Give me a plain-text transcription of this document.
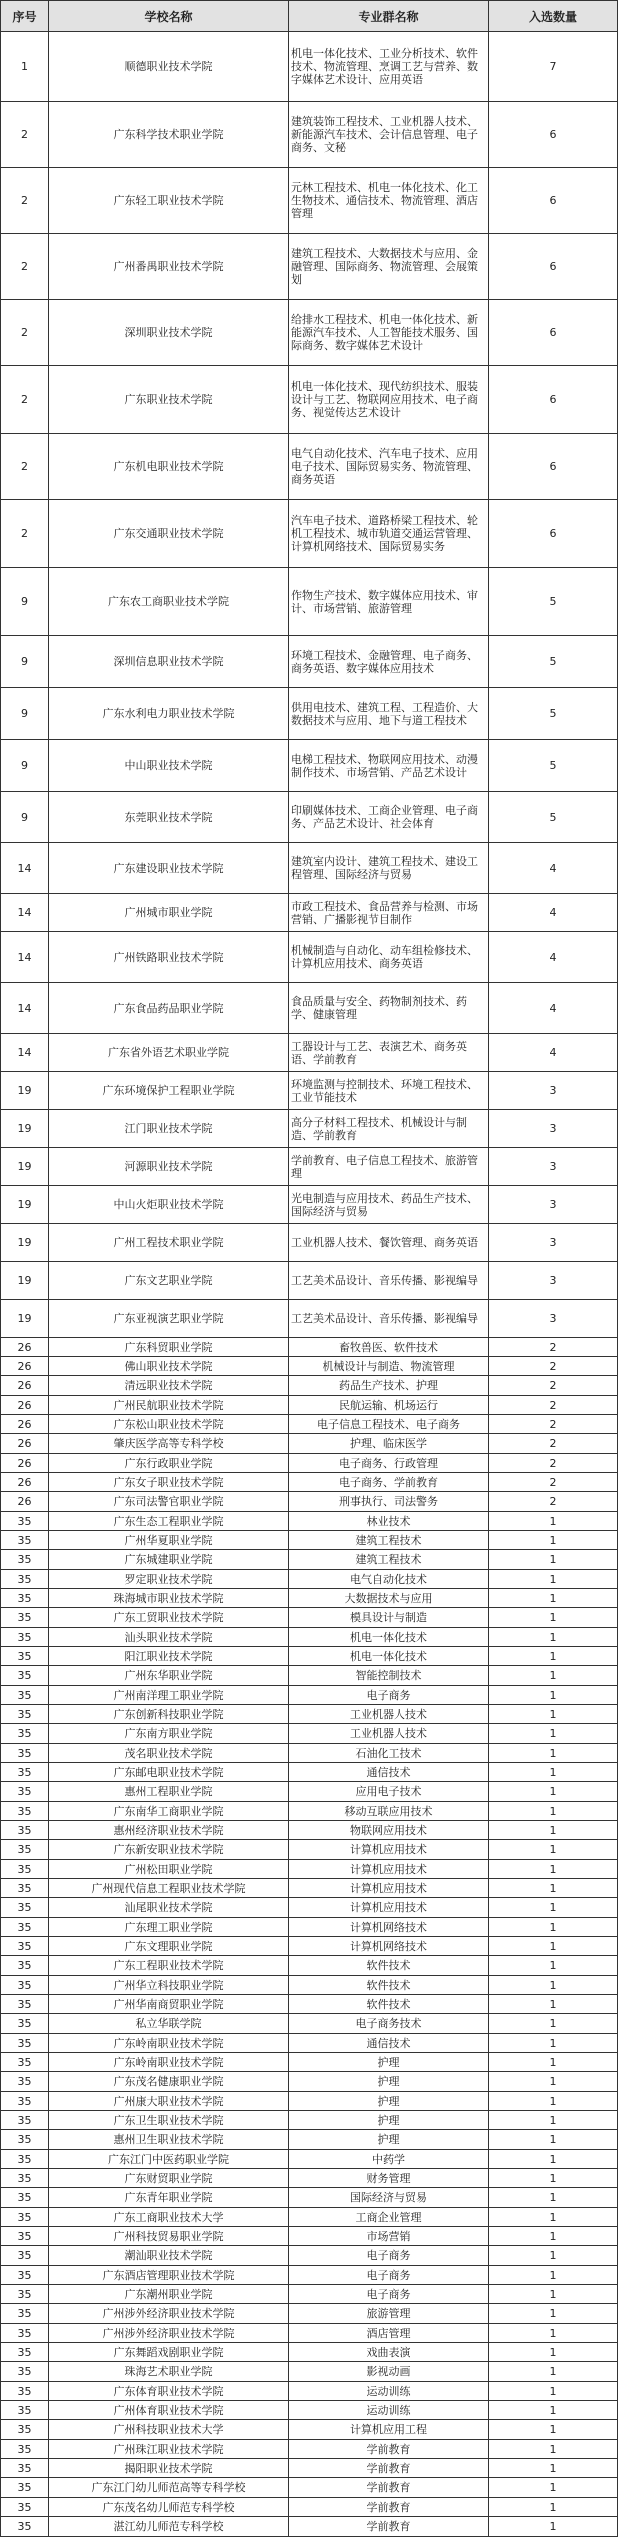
序号	学校名称	专业群名称	入选数量
1	顺德职业技术学院	机电一体化技术、工业分析技术、软件技术、物流管理、烹调工艺与营养、数字媒体艺术设计、应用英语	7
2	广东科学技术职业学院	建筑装饰工程技术、工业机器人技术、新能源汽车技术、会计信息管理、电子商务、文秘	6
2	广东轻工职业技术学院	元林工程技术、机电一体化技术、化工生物技术、通信技术、物流管理、酒店管理	6
2	广州番禺职业技术学院	建筑工程技术、大数据技术与应用、金融管理、国际商务、物流管理、会展策划	6
2	深圳职业技术学院	给排水工程技术、机电一体化技术、新能源汽车技术、人工智能技术服务、国际商务、数字媒体艺术设计	6
2	广东职业技术学院	机电一体化技术、现代纺织技术、服装设计与工艺、物联网应用技术、电子商务、视觉传达艺术设计	6
2	广东机电职业技术学院	电气自动化技术、汽车电子技术、应用电子技术、国际贸易实务、物流管理、商务英语	6
2	广东交通职业技术学院	汽车电子技术、道路桥梁工程技术、轮机工程技术、城市轨道交通运营管理、计算机网络技术、国际贸易实务	6
9	广东农工商职业技术学院	作物生产技术、数字媒体应用技术、审计、市场营销、旅游管理	5
9	深圳信息职业技术学院	环境工程技术、金融管理、电子商务、商务英语、数字媒体应用技术	5
9	广东水利电力职业技术学院	供用电技术、建筑工程、工程造价、大数据技术与应用、地下与道工程技术	5
9	中山职业技术学院	电梯工程技术、物联网应用技术、动漫制作技术、市场营销、产品艺术设计	5
9	东莞职业技术学院	印刷媒体技术、工商企业管理、电子商务、产品艺术设计、社会体育	5
14	广东建设职业技术学院	建筑室内设计、建筑工程技术、建设工程管理、国际经济与贸易	4
14	广州城市职业学院	市政工程技术、食品营养与检测、市场营销、广播影视节目制作	4
14	广州铁路职业技术学院	机械制造与自动化、动车组检修技术、计算机应用技术、商务英语	4
14	广东食品药品职业学院	食品质量与安全、药物制剂技术、药学、健康管理	4
14	广东省外语艺术职业学院	工器设计与工艺、表演艺术、商务英语、学前教育	4
19	广东环境保护工程职业学院	环境监测与控制技术、环境工程技术、工业节能技术	3
19	江门职业技术学院	高分子材料工程技术、机械设计与制造、学前教育	3
19	河源职业技术学院	学前教育、电子信息工程技术、旅游管理	3
19	中山火炬职业技术学院	光电制造与应用技术、药品生产技术、国际经济与贸易	3
19	广州工程技术职业学院	工业机器人技术、餐饮管理、商务英语	3
19	广东文艺职业学院	工艺美术品设计、音乐传播、影视编导	3
19	广东亚视演艺职业学院	工艺美术品设计、音乐传播、影视编导	3
26	广东科贸职业学院	畜牧兽医、软件技术	2
26	佛山职业技术学院	机械设计与制造、物流管理	2
26	清远职业技术学院	药品生产技术、护理	2
26	广州民航职业技术学院	民航运输、机场运行	2
26	广东松山职业技术学院	电子信息工程技术、电子商务	2
26	肇庆医学高等专科学校	护理、临床医学	2
26	广东行政职业学院	电子商务、行政管理	2
26	广东女子职业技术学院	电子商务、学前教育	2
26	广东司法警官职业学院	刑事执行、司法警务	2
35	广东生态工程职业学院	林业技术	1
35	广州华夏职业学院	建筑工程技术	1
35	广东城建职业学院	建筑工程技术	1
35	罗定职业技术学院	电气自动化技术	1
35	珠海城市职业技术学院	大数据技术与应用	1
35	广东工贸职业技术学院	模具设计与制造	1
35	汕头职业技术学院	机电一体化技术	1
35	阳江职业技术学院	机电一体化技术	1
35	广州东华职业学院	智能控制技术	1
35	广州南洋理工职业学院	电子商务	1
35	广东创新科技职业学院	工业机器人技术	1
35	广东南方职业学院	工业机器人技术	1
35	茂名职业技术学院	石油化工技术	1
35	广东邮电职业技术学院	通信技术	1
35	惠州工程职业学院	应用电子技术	1
35	广东南华工商职业学院	移动互联应用技术	1
35	惠州经济职业技术学院	物联网应用技术	1
35	广东新安职业技术学院	计算机应用技术	1
35	广州松田职业学院	计算机应用技术	1
35	广州现代信息工程职业技术学院	计算机应用技术	1
35	汕尾职业技术学院	计算机应用技术	1
35	广东理工职业学院	计算机网络技术	1
35	广东文理职业学院	计算机网络技术	1
35	广东工程职业技术学院	软件技术	1
35	广州华立科技职业学院	软件技术	1
35	广州华南商贸职业学院	软件技术	1
35	私立华联学院	电子商务技术	1
35	广东岭南职业技术学院	通信技术	1
35	广东岭南职业技术学院	护理	1
35	广东茂名健康职业学院	护理	1
35	广州康大职业技术学院	护理	1
35	广东卫生职业技术学院	护理	1
35	惠州卫生职业技术学院	护理	1
35	广东江门中医药职业学院	中药学	1
35	广东财贸职业学院	财务管理	1
35	广东青年职业学院	国际经济与贸易	1
35	广东工商职业技术大学	工商企业管理	1
35	广州科技贸易职业学院	市场营销	1
35	潮汕职业技术学院	电子商务	1
35	广东酒店管理职业技术学院	电子商务	1
35	广东潮州职业学院	电子商务	1
35	广州涉外经济职业技术学院	旅游管理	1
35	广州涉外经济职业技术学院	酒店管理	1
35	广东舞蹈戏剧职业学院	戏曲表演	1
35	珠海艺术职业学院	影视动画	1
35	广东体育职业技术学院	运动训练	1
35	广州体育职业技术学院	运动训练	1
35	广州科技职业技术大学	计算机应用工程	1
35	广州珠江职业技术学院	学前教育	1
35	揭阳职业技术学院	学前教育	1
35	广东江门幼儿师范高等专科学校	学前教育	1
35	广东茂名幼儿师范专科学校	学前教育	1
35	湛江幼儿师范专科学校	学前教育	1
